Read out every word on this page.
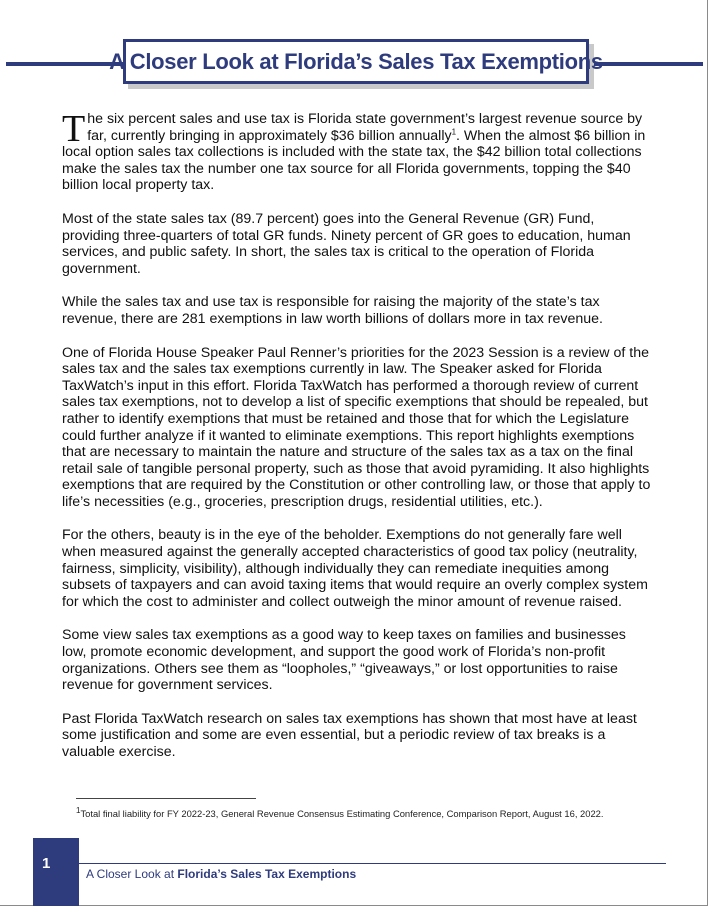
A Closer Look at Florida’s Sales Tax Exemptions

The six percent sales and use tax is Florida state government’s largest revenue source by far, currently bringing in approximately $36 billion annually$^1$. When the almost $6 billion in local option sales tax collections is included with the state tax, the $42 billion total collections make the sales tax the number one tax source for all Florida governments, topping the $40 billion local property tax.

Most of the state sales tax (89.7 percent) goes into the General Revenue (GR) Fund, providing three-quarters of total GR funds. Ninety percent of GR goes to education, human services, and public safety. In short, the sales tax is critical to the operation of Florida government.

While the sales tax and use tax is responsible for raising the majority of the state’s tax revenue, there are 281 exemptions in law worth billions of dollars more in tax revenue.

One of Florida House Speaker Paul Renner’s priorities for the 2023 Session is a review of the sales tax and the sales tax exemptions currently in law. The Speaker asked for Florida TaxWatch’s input in this effort. Florida TaxWatch has performed a thorough review of current sales tax exemptions, not to develop a list of specific exemptions that should be repealed, but rather to identify exemptions that must be retained and those that for which the Legislature could further analyze if it wanted to eliminate exemptions. This report highlights exemptions that are necessary to maintain the nature and structure of the sales tax as a tax on the final retail sale of tangible personal property, such as those that avoid pyramiding. It also highlights exemptions that are required by the Constitution or other controlling law, or those that apply to life’s necessities (e.g., groceries, prescription drugs, residential utilities, etc.).

For the others, beauty is in the eye of the beholder. Exemptions do not generally fare well when measured against the generally accepted characteristics of good tax policy (neutrality, fairness, simplicity, visibility), although individually they can remediate inequities among subsets of taxpayers and can avoid taxing items that would require an overly complex system for which the cost to administer and collect outweigh the minor amount of revenue raised.

Some view sales tax exemptions as a good way to keep taxes on families and businesses low, promote economic development, and support the good work of Florida’s non-profit organizations. Others see them as “loopholes,” “giveaways,” or lost opportunities to raise revenue for government services.

Past Florida TaxWatch research on sales tax exemptions has shown that most have at least some justification and some are even essential, but a periodic review of tax breaks is a valuable exercise.

$^1$Total final liability for FY 2022-23, General Revenue Consensus Estimating Conference, Comparison Report, August 16, 2022.
1
A Closer Look at Florida’s Sales Tax Exemptions
